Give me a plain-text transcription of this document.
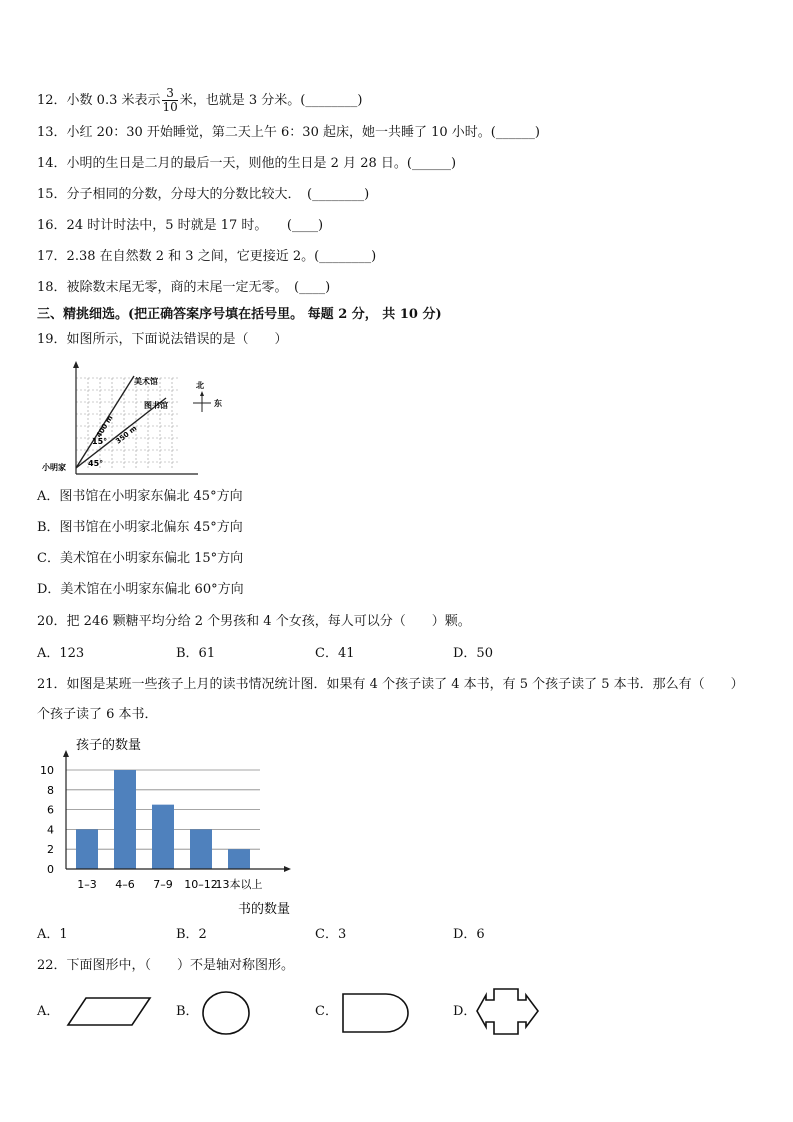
12．小数 0.3 米表示 $\frac{3}{10}$ 米，也就是 3 分米。(________)
13．小红 20：30 开始睡觉，第二天上午 6：30 起床，她一共睡了 10 小时。(______)
14．小明的生日是二月的最后一天，则他的生日是 2 月 28 日。(______)
15．分子相同的分数，分母大的分数比较大．　(________)
16．24 时计时法中，5 时就是 17 时。　　(____)
17．2.38 在自然数 2 和 3 之间，它更接近 2。(________)
18．被除数末尾无零，商的末尾一定无零。　(____)
三、精挑细选。(把正确答案序号填在括号里。 每题 2 分， 共 10 分)
19．如图所示，下面说法错误的是（　　）
美术馆
图书馆
400 m 350 m
15°
45°
小明家
北
东
A．图书馆在小明家东偏北 45°方向
B．图书馆在小明家北偏东 45°方向
C．美术馆在小明家东偏北 15°方向
D．美术馆在小明家东偏北 60°方向
20．把 246 颗糖平均分给 2 个男孩和 4 个女孩，每人可以分（　　）颗。
A．123	B．61	C．41	D．50
21．如图是某班一些孩子上月的读书情况统计图．如果有 4 个孩子读了 4 本书，有 5 个孩子读了 5 本书．那么有（　　）
个孩子读了 6 本书．
孩子的数量
书的数量
0
2
4
6
8
10
1–3 4–6 7–9 10–12
13本以上
A．1	B．2	C．3	D．6
22．下面图形中，（　　）不是轴对称图形。
A．	B．	C．	D．
